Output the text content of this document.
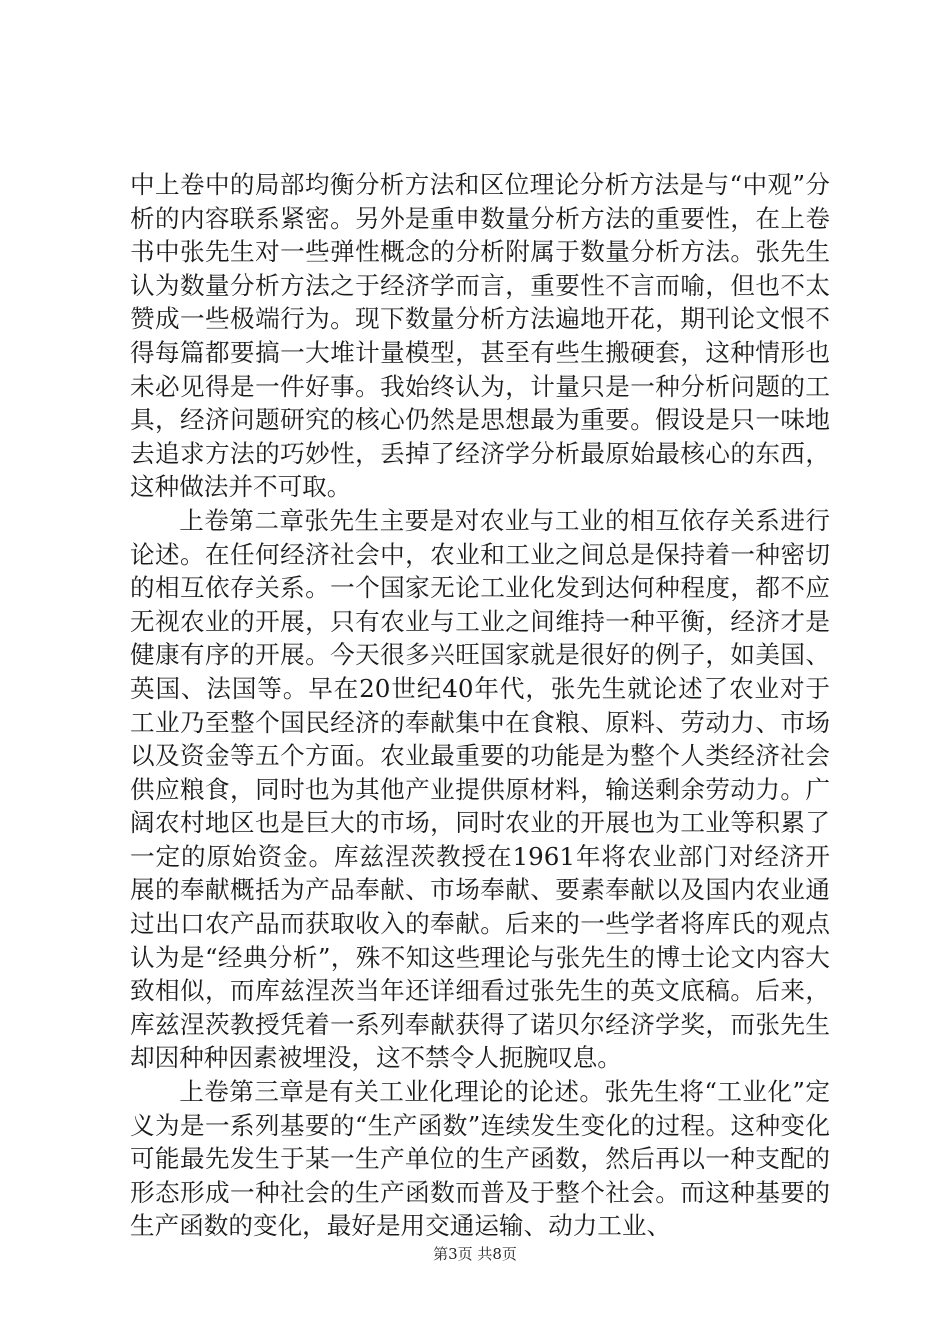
中上卷中的局部均衡分析方法和区位理论分析方法是与“中观”分析的内容联系紧密。另外是重申数量分析方法的重要性，在上卷书中张先生对一些弹性概念的分析附属于数量分析方法。张先生认为数量分析方法之于经济学而言，重要性不言而喻，但也不太赞成一些极端行为。现下数量分析方法遍地开花，期刊论文恨不得每篇都要搞一大堆计量模型，甚至有些生搬硬套，这种情形也未必见得是一件好事。我始终认为，计量只是一种分析问题的工具，经济问题研究的核心仍然是思想最为重要。假设是只一味地去追求方法的巧妙性，丢掉了经济学分析最原始最核心的东西，这种做法并不可取。

上卷第二章张先生主要是对农业与工业的相互依存关系进行论述。在任何经济社会中，农业和工业之间总是保持着一种密切的相互依存关系。一个国家无论工业化发到达何种程度，都不应无视农业的开展，只有农业与工业之间维持一种平衡，经济才是健康有序的开展。今天很多兴旺国家就是很好的例子，如美国、英国、法国等。早在20世纪40年代，张先生就论述了农业对于工业乃至整个国民经济的奉献集中在食粮、原料、劳动力、市场以及资金等五个方面。农业最重要的功能是为整个人类经济社会供应粮食，同时也为其他产业提供原材料，输送剩余劳动力。广阔农村地区也是巨大的市场，同时农业的开展也为工业等积累了一定的原始资金。库兹涅茨教授在1961年将农业部门对经济开展的奉献概括为产品奉献、市场奉献、要素奉献以及国内农业通过出口农产品而获取收入的奉献。后来的一些学者将库氏的观点认为是“经典分析”，殊不知这些理论与张先生的博士论文内容大致相似，而库兹涅茨当年还详细看过张先生的英文底稿。后来，库兹涅茨教授凭着一系列奉献获得了诺贝尔经济学奖，而张先生却因种种因素被埋没，这不禁令人扼腕叹息。

上卷第三章是有关工业化理论的论述。张先生将“工业化”定义为是一系列基要的“生产函数”连续发生变化的过程。这种变化可能最先发生于某一生产单位的生产函数，然后再以一种支配的形态形成一种社会的生产函数而普及于整个社会。而这种基要的生产函数的变化，最好是用交通运输、动力工业、

第3页 共8页
